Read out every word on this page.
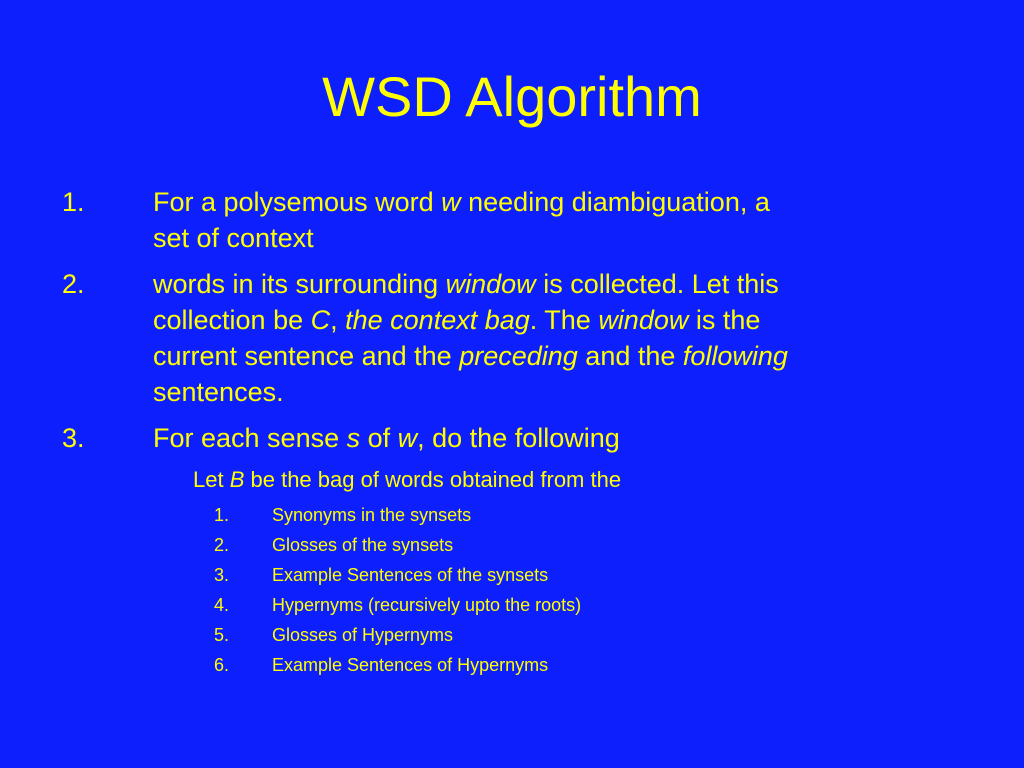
WSD Algorithm
1.	For a polysemous word w needing diambiguation, a
set of context
2.	words in its surrounding window is collected. Let this
collection be C, the context bag. The window is the
current sentence and the preceding and the following
sentences.
3.	For each sense s of w, do the following
Let B be the bag of words obtained from the
1. Synonyms in the synsets
2. Glosses of the synsets
3. Example Sentences of the synsets
4. Hypernyms (recursively upto the roots)
5. Glosses of Hypernyms
6. Example Sentences of Hypernyms
